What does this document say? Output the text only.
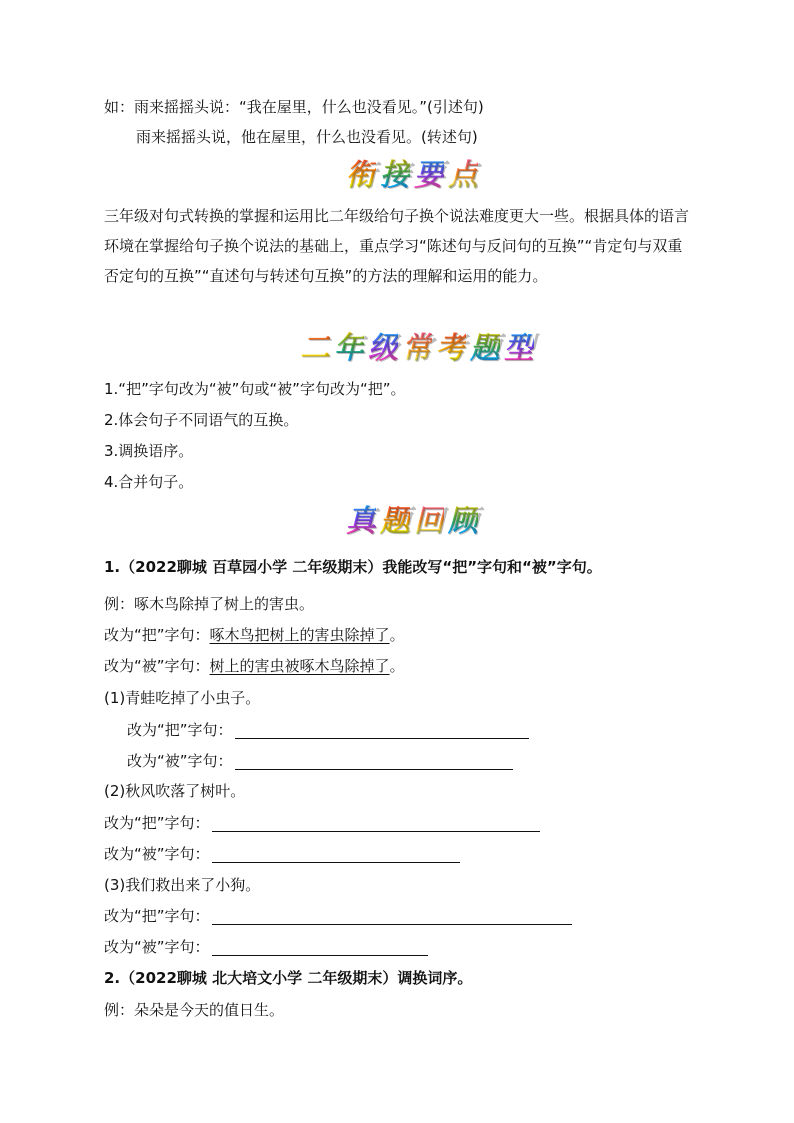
如：雨来摇摇头说：“我在屋里，什么也没看见。”(引述句)
雨来摇摇头说，他在屋里，什么也没看见。(转述句)
衔 接 要 点
三年级对句式转换的掌握和运用比二年级给句子换个说法难度更大一些。根据具体的语言环境在掌握给句子换个说法的基础上，重点学习“陈述句与反问句的互换”“肯定句与双重否定句的互换”“直述句与转述句互换”的方法的理解和运用的能力。
二 年 级 常 考 题 型
1.“把”字句改为“被”句或“被”字句改为“把”。
2.体会句子不同语气的互换。
3.调换语序。
4.合并句子。
真 题 回 顾
1.（2022聊城 百草园小学 二年级期末）我能改写“把”字句和“被”字句。
例：啄木鸟除掉了树上的害虫。
改为“把”字句：啄木鸟把树上的害虫除掉了。
改为“被”字句：树上的害虫被啄木鸟除掉了。
(1)青蛙吃掉了小虫子。
改为“把”字句：
改为“被”字句：
(2)秋风吹落了树叶。
改为“把”字句：
改为“被”字句：
(3)我们救出来了小狗。
改为“把”字句：
改为“被”字句：
2.（2022聊城 北大培文小学 二年级期末）调换词序。
例：朵朵是今天的值日生。
